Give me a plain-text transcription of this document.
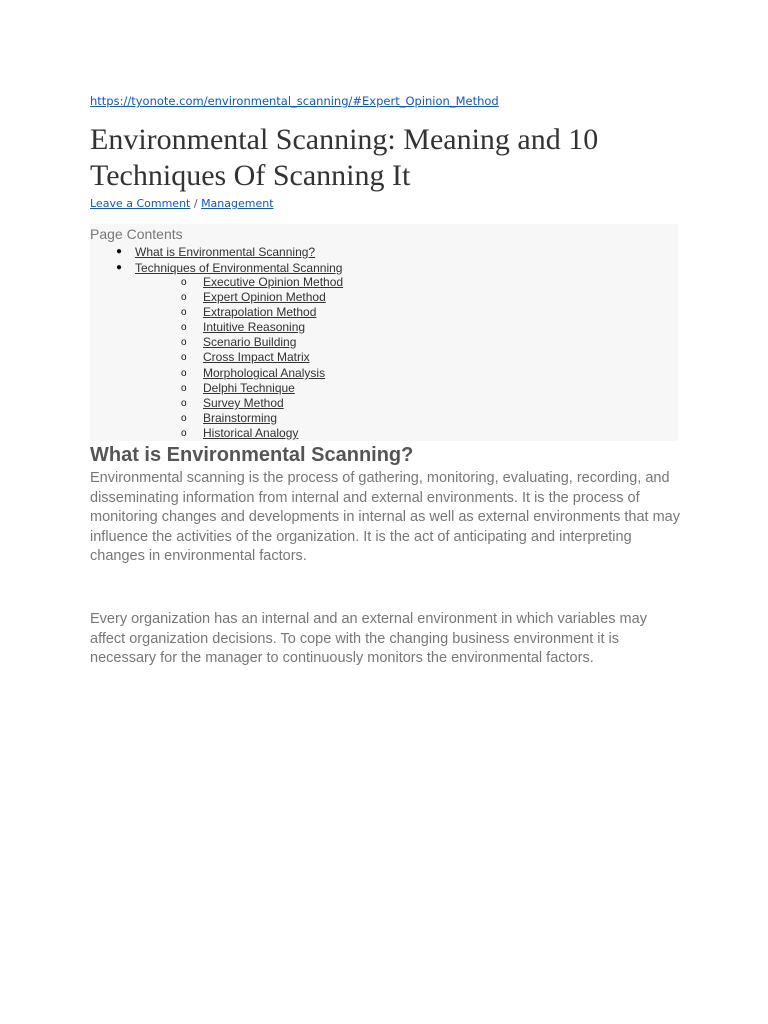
https://tyonote.com/environmental_scanning/#Expert_Opinion_Method
Environmental Scanning: Meaning and 10 Techniques Of Scanning It
Leave a Comment / Management
Page Contents
● What is Environmental Scanning?
● Techniques of Environmental Scanning
o Executive Opinion Method
o Expert Opinion Method
o Extrapolation Method
o Intuitive Reasoning
o Scenario Building
o Cross Impact Matrix
o Morphological Analysis
o Delphi Technique
o Survey Method
o Brainstorming
o Historical Analogy
What is Environmental Scanning?

Environmental scanning is the process of gathering, monitoring, evaluating, recording, and disseminating information from internal and external environments. It is the process of monitoring changes and developments in internal as well as external environments that may influence the activities of the organization. It is the act of anticipating and interpreting changes in environmental factors.

Every organization has an internal and an external environment in which variables may affect organization decisions. To cope with the changing business environment it is necessary for the manager to continuously monitors the environmental factors.
